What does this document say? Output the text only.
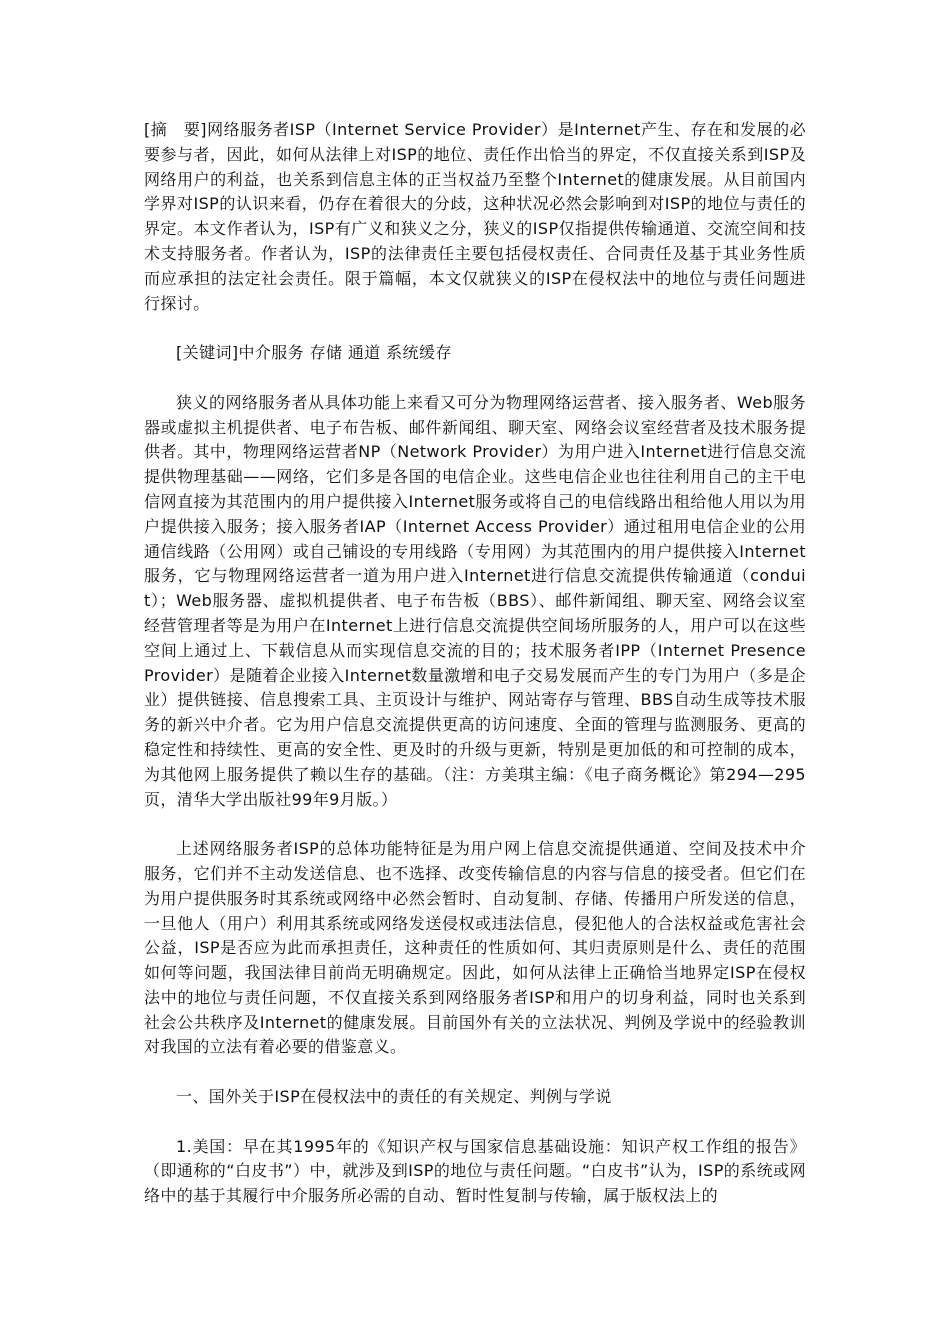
[摘　要]网络服务者ISP（Internet Service Provider）是Internet产生、存在和发展的必要参与者，因此，如何从法律上对ISP的地位、责任作出恰当的界定，不仅直接关系到ISP及网络用户的利益，也关系到信息主体的正当权益乃至整个Internet的健康发展。从目前国内学界对ISP的认识来看，仍存在着很大的分歧，这种状况必然会影响到对ISP的地位与责任的界定。本文作者认为，ISP有广义和狭义之分，狭义的ISP仅指提供传输通道、交流空间和技术支持服务者。作者认为，ISP的法律责任主要包括侵权责任、合同责任及基于其业务性质而应承担的法定社会责任。限于篇幅，本文仅就狭义的ISP在侵权法中的地位与责任问题进行探讨。

[关键词]中介服务 存储 通道 系统缓存

狭义的网络服务者从具体功能上来看又可分为物理网络运营者、接入服务者、Web服务器或虚拟主机提供者、电子布告板、邮件新闻组、聊天室、网络会议室经营者及技术服务提供者。其中，物理网络运营者NP（Network Provider）为用户进入Internet进行信息交流提供物理基础——网络，它们多是各国的电信企业。这些电信企业也往往利用自己的主干电信网直接为其范围内的用户提供接入Internet服务或将自己的电信线路出租给他人用以为用户提供接入服务；接入服务者IAP（Internet Access Provider）通过租用电信企业的公用通信线路（公用网）或自己铺设的专用线路（专用网）为其范围内的用户提供接入Internet服务，它与物理网络运营者一道为用户进入Internet进行信息交流提供传输通道（conduit）；Web服务器、虚拟机提供者、电子布告板（BBS）、邮件新闻组、聊天室、网络会议室经营管理者等是为用户在Internet上进行信息交流提供空间场所服务的人，用户可以在这些空间上通过上、下载信息从而实现信息交流的目的；技术服务者IPP（Internet Presence Provider）是随着企业接入Internet数量激增和电子交易发展而产生的专门为用户（多是企业）提供链接、信息搜索工具、主页设计与维护、网站寄存与管理、BBS自动生成等技术服务的新兴中介者。它为用户信息交流提供更高的访问速度、全面的管理与监测服务、更高的稳定性和持续性、更高的安全性、更及时的升级与更新，特别是更加低的和可控制的成本，为其他网上服务提供了赖以生存的基础。（注：方美琪主编：《电子商务概论》第294—295页，清华大学出版社99年9月版。）

上述网络服务者ISP的总体功能特征是为用户网上信息交流提供通道、空间及技术中介服务，它们并不主动发送信息、也不选择、改变传输信息的内容与信息的接受者。但它们在为用户提供服务时其系统或网络中必然会暂时、自动复制、存储、传播用户所发送的信息，一旦他人（用户）利用其系统或网络发送侵权或违法信息，侵犯他人的合法权益或危害社会公益，ISP是否应为此而承担责任，这种责任的性质如何、其归责原则是什么、责任的范围如何等问题，我国法律目前尚无明确规定。因此，如何从法律上正确恰当地界定ISP在侵权法中的地位与责任问题，不仅直接关系到网络服务者ISP和用户的切身利益，同时也关系到社会公共秩序及Internet的健康发展。目前国外有关的立法状况、判例及学说中的经验教训对我国的立法有着必要的借鉴意义。

一、国外关于ISP在侵权法中的责任的有关规定、判例与学说

1.美国：早在其1995年的《知识产权与国家信息基础设施：知识产权工作组的报告》（即通称的“白皮书”）中，就涉及到ISP的地位与责任问题。“白皮书”认为，ISP的系统或网络中的基于其履行中介服务所必需的自动、暂时性复制与传输，属于版权法上的
